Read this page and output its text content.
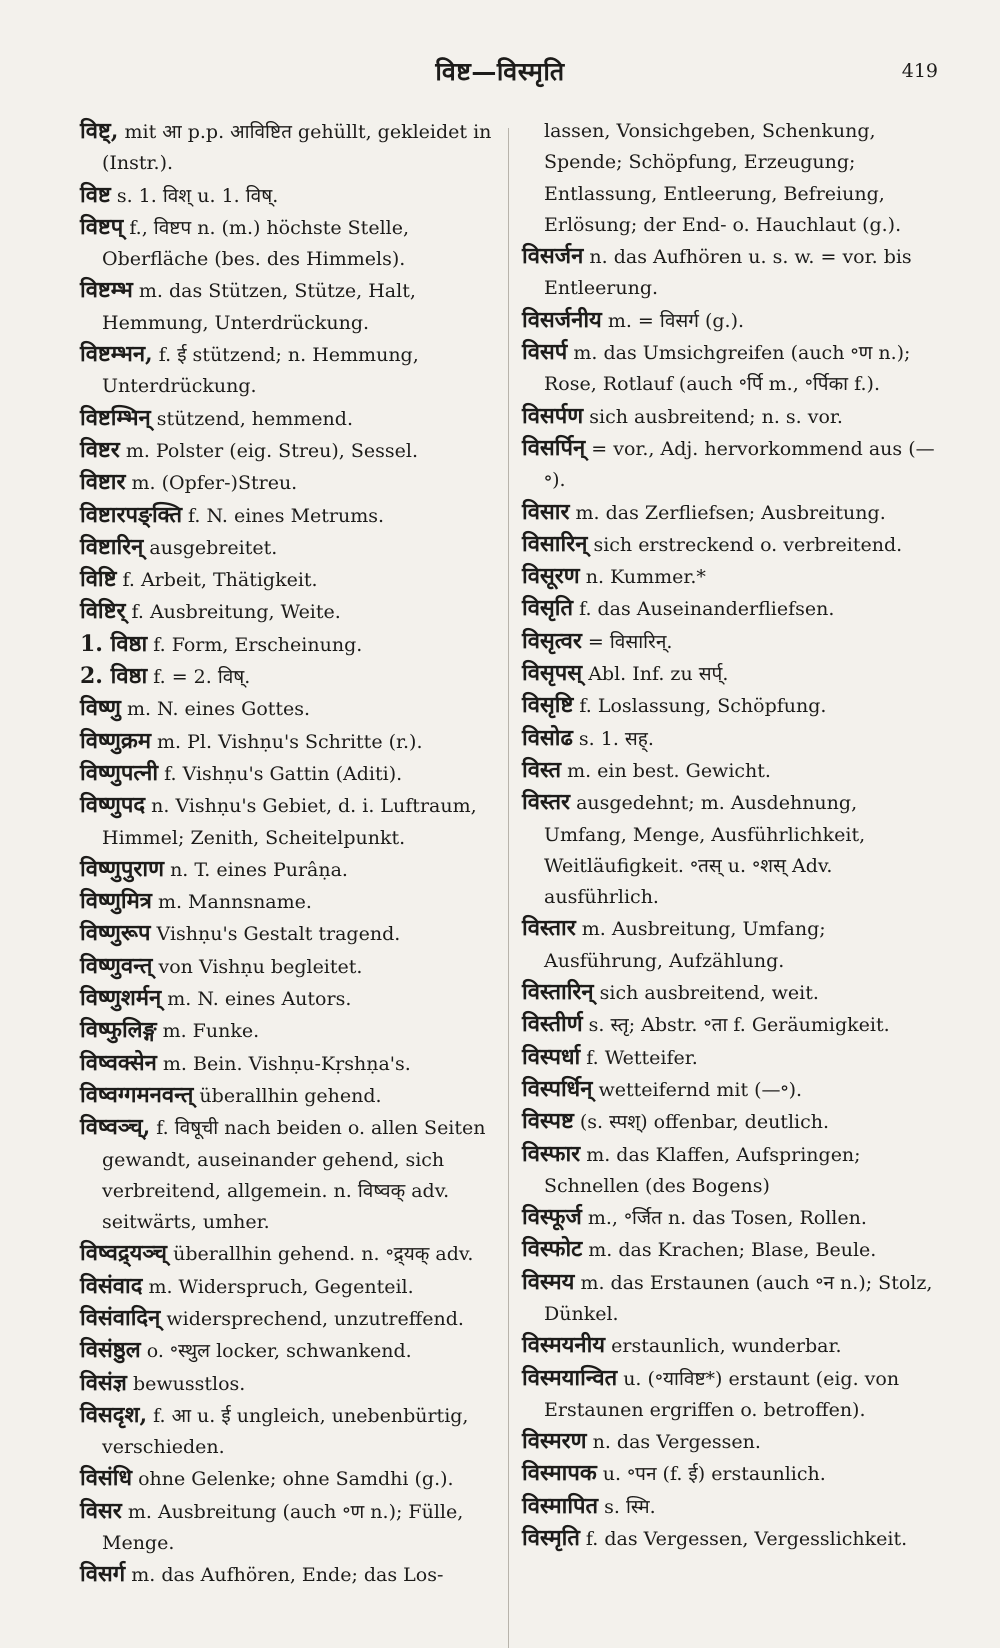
विष्ट—विस्मृति	419
विष्ट्, mit आ p.p. आविष्टित gehüllt, gekleidet in (Instr.).
विष्ट s. 1. विश् u. 1. विष्.
विष्टप् f., विष्टप n. (m.) höchste Stelle, Oberfläche (bes. des Himmels).
विष्टम्भ m. das Stützen, Stütze, Halt, Hemmung, Unterdrückung.
विष्टम्भन, f. ई stützend; n. Hemmung, Unterdrückung.
विष्टम्भिन् stützend, hemmend.
विष्टर m. Polster (eig. Streu), Sessel.
विष्टार m. (Opfer-)Streu.
विष्टारपङ्क्ति f. N. eines Metrums.
विष्टारिन् ausgebreitet.
विष्टि f. Arbeit, Thätigkeit.
विष्टिर् f. Ausbreitung, Weite.
1. विष्ठा f. Form, Erscheinung.
2. विष्ठा f. = 2. विष्.
विष्णु m. N. eines Gottes.
विष्णुक्रम m. Pl. Vishṇu's Schritte (r.).
विष्णुपत्नी f. Vishṇu's Gattin (Aditi).
विष्णुपद n. Vishṇu's Gebiet, d. i. Luftraum, Himmel; Zenith, Scheitelpunkt.
विष्णुपुराण n. T. eines Purâṇa.
विष्णुमित्र m. Mannsname.
विष्णुरूप Vishṇu's Gestalt tragend.
विष्णुवन्त् von Vishṇu begleitet.
विष्णुशर्मन् m. N. eines Autors.
विष्फुलिङ्ग m. Funke.
विष्वक्सेन m. Bein. Vishṇu-Kṛshṇa's.
विष्वग्गमनवन्त् überallhin gehend.
विष्वञ्च्, f. विषूची nach beiden o. allen Seiten gewandt, auseinander gehend, sich verbreitend, allgemein. n. विष्वक् adv. seitwärts, umher.
विष्वद्र्यञ्च् überallhin gehend. n. ॰द्र्यक् adv.
विसंवाद m. Widerspruch, Gegenteil.
विसंवादिन् widersprechend, unzutreffend.
विसंष्ठुल o. ॰स्थुल locker, schwankend.
विसंज्ञ bewusstlos.
विसदृश, f. आ u. ई ungleich, unebenbürtig, verschieden.
विसंधि ohne Gelenke; ohne Samdhi (g.).
विसर m. Ausbreitung (auch ॰ण n.); Fülle, Menge.
विसर्ग m. das Aufhören, Ende; das Los-
lassen, Vonsichgeben, Schenkung, Spende; Schöpfung, Erzeugung; Entlassung, Entleerung, Befreiung, Erlösung; der End- o. Hauchlaut (g.).
विसर्जन n. das Aufhören u. s. w. = vor. bis Entleerung.
विसर्जनीय m. = विसर्ग (g.).
विसर्प m. das Umsichgreifen (auch ॰ण n.); Rose, Rotlauf (auch ॰र्पि m., ॰र्पिका f.).
विसर्पण sich ausbreitend; n. s. vor.
विसर्पिन् = vor., Adj. hervorkommend aus (—॰).
विसार m. das Zerfliefsen; Ausbreitung.
विसारिन् sich erstreckend o. verbreitend.
विसूरण n. Kummer.*
विसृति f. das Auseinanderfliefsen.
विसृत्वर = विसारिन्.
विसृपस् Abl. Inf. zu सर्प्.
विसृष्टि f. Loslassung, Schöpfung.
विसोढ s. 1. सह्.
विस्त m. ein best. Gewicht.
विस्तर ausgedehnt; m. Ausdehnung, Umfang, Menge, Ausführlichkeit, Weitläufigkeit. ॰तस् u. ॰शस् Adv. ausführlich.
विस्तार m. Ausbreitung, Umfang; Ausführung, Aufzählung.
विस्तारिन् sich ausbreitend, weit.
विस्तीर्ण s. स्तृ; Abstr. ॰ता f. Geräumigkeit.
विस्पर्धा f. Wetteifer.
विस्पर्धिन् wetteifernd mit (—॰).
विस्पष्ट (s. स्पश्) offenbar, deutlich.
विस्फार m. das Klaffen, Aufspringen; Schnellen (des Bogens)
विस्फूर्ज m., ॰र्जित n. das Tosen, Rollen.
विस्फोट m. das Krachen; Blase, Beule.
विस्मय m. das Erstaunen (auch ॰न n.); Stolz, Dünkel.
विस्मयनीय erstaunlich, wunderbar.
विस्मयान्वित u. (॰याविष्ट*) erstaunt (eig. von Erstaunen ergriffen o. betroffen).
विस्मरण n. das Vergessen.
विस्मापक u. ॰पन (f. ई) erstaunlich.
विस्मापित s. स्मि.
विस्मृति f. das Vergessen, Vergesslichkeit.
